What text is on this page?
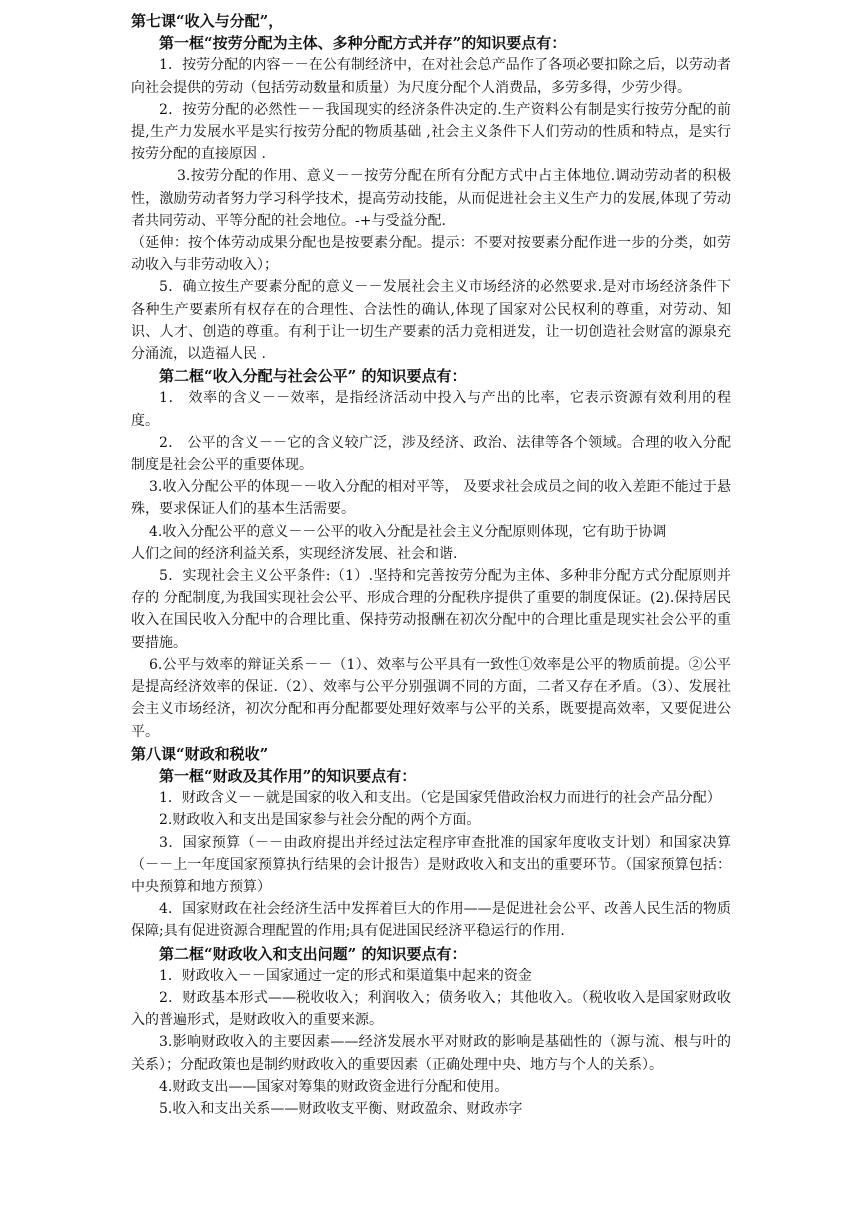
第七课“收入与分配”，

第一框“按劳分配为主体、多种分配方式并存”的知识要点有：

1．按劳分配的内容－－在公有制经济中，在对社会总产品作了各项必要扣除之后，以劳动者向社会提供的劳动（包括劳动数量和质量）为尺度分配个人消费品，多劳多得，少劳少得。

2．按劳分配的必然性－－我国现实的经济条件决定的.生产资料公有制是实行按劳分配的前提,生产力发展水平是实行按劳分配的物质基础 ,社会主义条件下人们劳动的性质和特点，是实行按劳分配的直接原因 .

3.按劳分配的作用、意义－－按劳分配在所有分配方式中占主体地位.调动劳动者的积极性，激励劳动者努力学习科学技术，提高劳动技能，从而促进社会主义生产力的发展,体现了劳动者共同劳动、平等分配的社会地位。-+与受益分配.

（延伸：按个体劳动成果分配也是按要素分配。提示：不要对按要素分配作进一步的分类，如劳动收入与非劳动收入）；

5．确立按生产要素分配的意义－－发展社会主义市场经济的必然要求.是对市场经济条件下各种生产要素所有权存在的合理性、合法性的确认,体现了国家对公民权利的尊重，对劳动、知识、人才、创造的尊重。有利于让一切生产要素的活力竞相迸发，让一切创造社会财富的源泉充分涌流，以造福人民 .

第二框“收入分配与社会公平” 的知识要点有：

1． 效率的含义－－效率，是指经济活动中投入与产出的比率，它表示资源有效利用的程度。

2． 公平的含义－－它的含义较广泛，涉及经济、政治、法律等各个领域。合理的收入分配制度是社会公平的重要体现。

3.收入分配公平的体现－－收入分配的相对平等， 及要求社会成员之间的收入差距不能过于悬殊，要求保证人们的基本生活需要。

4.收入分配公平的意义－－公平的收入分配是社会主义分配原则体现，它有助于协调

人们之间的经济利益关系，实现经济发展、社会和谐.

5．实现社会主义公平条件:（1）.坚持和完善按劳分配为主体、多种非分配方式分配原则并存的 分配制度,为我国实现社会公平、形成合理的分配秩序提供了重要的制度保证。(2).保持居民收入在国民收入分配中的合理比重、保持劳动报酬在初次分配中的合理比重是现实社会公平的重要措施。

6.公平与效率的辩证关系－－（1）、效率与公平具有一致性①效率是公平的物质前提。②公平是提高经济效率的保证.（2）、效率与公平分别强调不同的方面，二者又存在矛盾。（3）、发展社会主义市场经济，初次分配和再分配都要处理好效率与公平的关系，既要提高效率，又要促进公平。

第八课“财政和税收”

第一框“财政及其作用”的知识要点有：

1．财政含义－－就是国家的收入和支出。（它是国家凭借政治权力而进行的社会产品分配）

2.财政收入和支出是国家参与社会分配的两个方面。

3．国家预算（－－由政府提出并经过法定程序审查批准的国家年度收支计划）和国家决算（－－上一年度国家预算执行结果的会计报告）是财政收入和支出的重要环节。（国家预算包括：中央预算和地方预算）

4．国家财政在社会经济生活中发挥着巨大的作用——是促进社会公平、改善人民生活的物质保障;具有促进资源合理配置的作用;具有促进国民经济平稳运行的作用.

第二框“财政收入和支出问题” 的知识要点有：

1．财政收入－－国家通过一定的形式和渠道集中起来的资金

2．财政基本形式——税收收入；利润收入；债务收入；其他收入。（税收收入是国家财政收入的普遍形式，是财政收入的重要来源。

3.影响财政收入的主要因素——经济发展水平对财政的影响是基础性的（源与流、根与叶的关系）；分配政策也是制约财政收入的重要因素（正确处理中央、地方与个人的关系）。

4.财政支出——国家对筹集的财政资金进行分配和使用。

5.收入和支出关系——财政收支平衡、财政盈余、财政赤字
